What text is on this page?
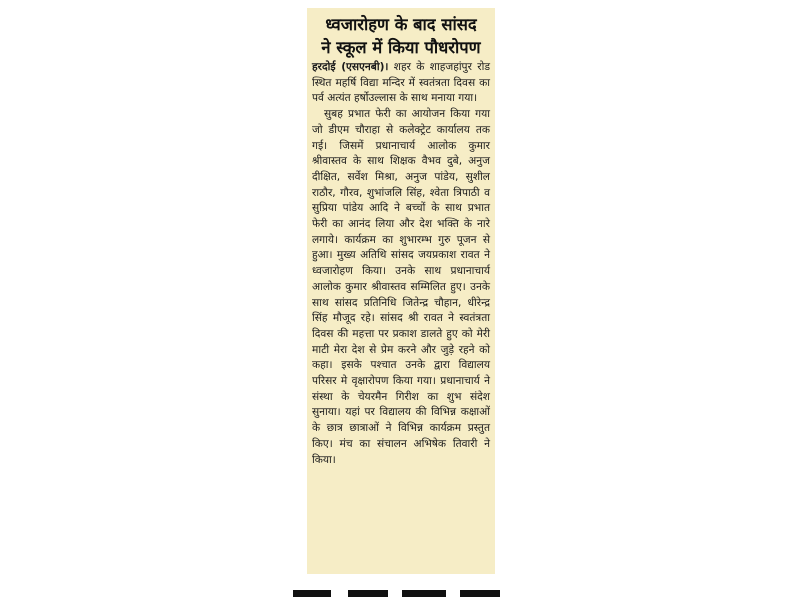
ध्वजारोहण के बाद सांसद
ने स्कूल में किया पौधरोपण

हरदोई (एसएनबी)। शहर के शाहजहांपुर रोड स्थित महर्षि विद्या मन्दिर में स्वतंत्रता दिवस का पर्व अत्यंत हर्षोउल्लास के साथ मनाया गया।

सुबह प्रभात फेरी का आयोजन किया गया जो डीएम चौराहा से कलेक्ट्रेट कार्यालय तक गई। जिसमें प्रधानाचार्य आलोक कुमार श्रीवास्तव के साथ शिक्षक वैभव दुबे, अनुज दीक्षित, सर्वेश मिश्रा, अनुज पांडेय, सुशील राठौर, गौरव, शुभांजलि सिंह, श्वेता त्रिपाठी व सुप्रिया पांडेय आदि ने बच्चों के साथ प्रभात फेरी का आनंद लिया और देश भक्ति के नारे लगाये। कार्यक्रम का शुभारम्भ गुरु पूजन से हुआ। मुख्य अतिथि सांसद जयप्रकाश रावत ने ध्वजारोहण किया। उनके साथ प्रधानाचार्य आलोक कुमार श्रीवास्तव सम्मिलित हुए। उनके साथ सांसद प्रतिनिधि जितेन्द्र चौहान, धीरेन्द्र सिंह मौजूद रहे। सांसद श्री रावत ने स्वतंत्रता दिवस की महत्ता पर प्रकाश डालते हुए को मेरी माटी मेरा देश से प्रेम करने और जुड़े रहने को कहा। इसके पश्चात उनके द्वारा विद्यालय परिसर मे वृक्षारोपण किया गया। प्रधानाचार्य ने संस्था के चेयरमैन गिरीश का शुभ संदेश सुनाया। यहां पर विद्यालय की विभिन्न कक्षाओं के छात्र छात्राओं ने विभिन्न कार्यक्रम प्रस्तुत किए। मंच का संचालन अभिषेक तिवारी ने किया।
